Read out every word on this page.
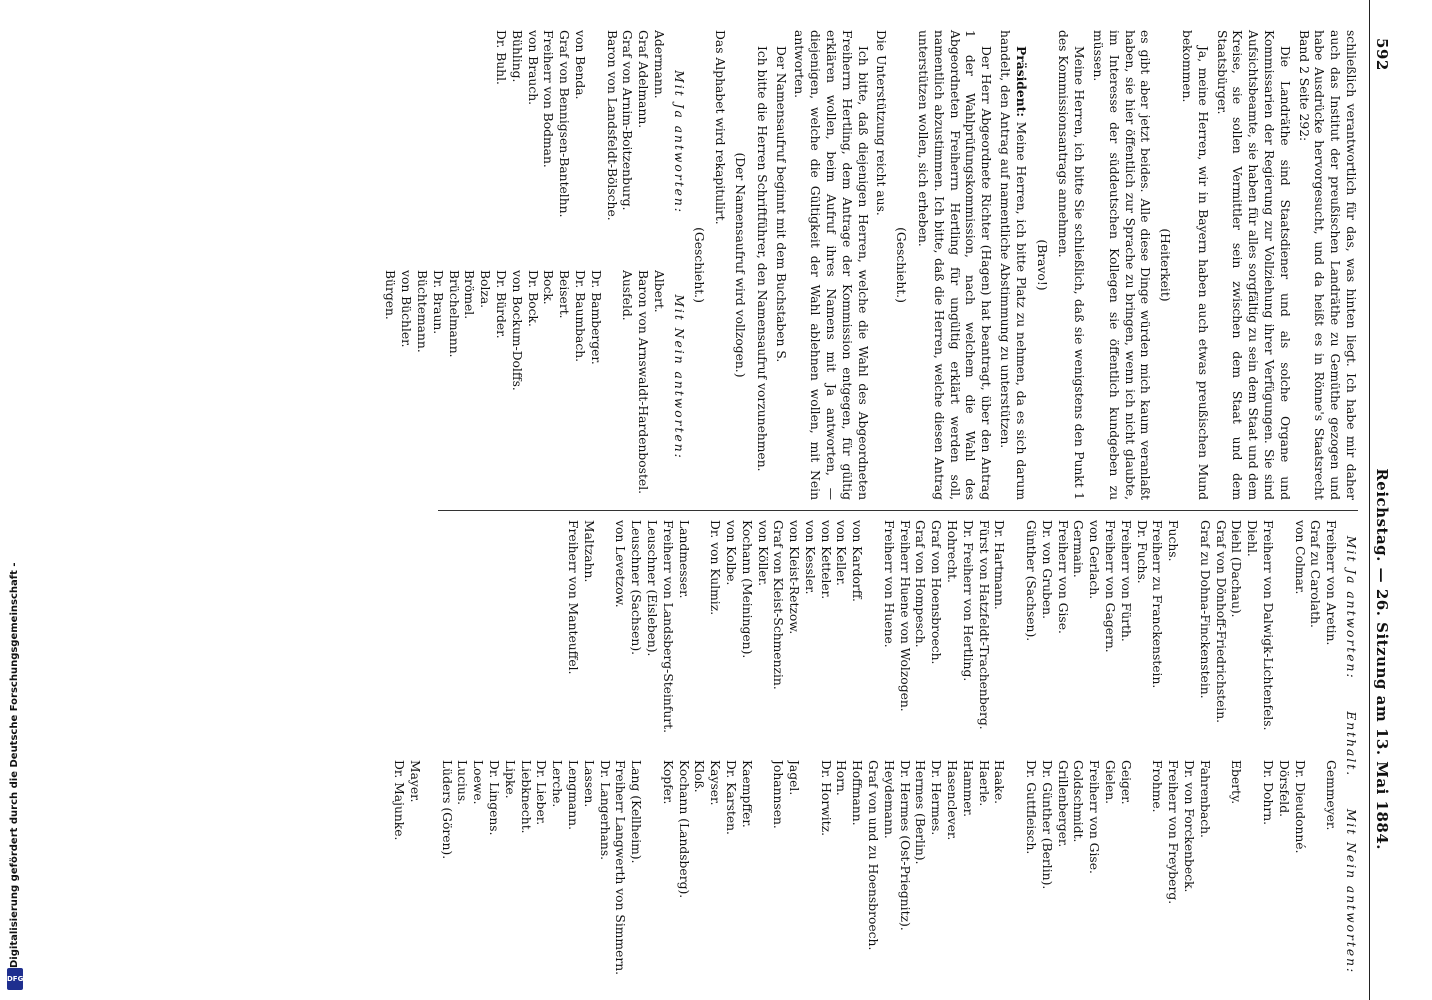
Digitalisierung gefördert durch die Deutsche Forschungsgemeinschaft -
DFG
592
Reichstag. — 26. Sitzung am 13. Mai 1884.

schließlich verantwortlich für das, was hinten liegt. Ich habe mir daher auch das Institut der preußischen Landräthe zu Gemüthe gezogen und habe Ausdrücke hervorgesucht, und da heißt es in Rönne's Staatsrecht Band 2 Seite 292:

Die Landräthe sind Staatsdiener und als solche Organe und Kommissarien der Regierung zur Vollziehung ihrer Verfügungen. Sie sind Aufsichtsbeamte, sie haben für alles sorgfältig zu sein dem Staat und dem Kreise, sie sollen Vermittler sein zwischen dem Staat und dem Staatsbürger.

Ja, meine Herren, wir in Bayern haben auch etwas preußischen Mund bekommen.

(Heiterkeit)

es gibt aber jetzt beides. Alle diese Dinge würden mich kaum veranlaßt haben, sie hier öffentlich zur Sprache zu bringen, wenn ich nicht glaubte, im Interesse der süddeutschen Kollegen sie öffentlich kundgeben zu müssen.

Meine Herren, ich bitte Sie schließlich, daß sie wenigstens den Punkt 1 des Kommissionsantrags annehmen.

(Bravo!)

Präsident: Meine Herren, ich bitte Platz zu nehmen, da es sich darum handelt, den Antrag auf namentliche Abstimmung zu unterstützen.

Der Herr Abgeordnete Richter (Hagen) hat beantragt, über den Antrag 1 der Wahlprüfungskommission, nach welchem die Wahl des Abgeordneten Freiherrn Hertling für ungültig erklärt werden soll, namentlich abzustimmen. Ich bitte, daß die Herren, welche diesen Antrag unterstützen wollen, sich erheben.

(Geschieht.)

Die Unterstützung reicht aus.

Ich bitte, daß diejenigen Herren, welche die Wahl des Abgeordneten Freiherrn Hertling, dem Antrage der Kommission entgegen, für gültig erklären wollen, beim Aufruf ihres Namens mit Ja antworten, — diejenigen, welche die Gültigkeit der Wahl ablehnen wollen, mit Nein antworten.

Der Namensaufruf beginnt mit dem Buchstaben S.

Ich bitte die Herren Schriftführer, den Namensaufruf vorzunehmen.

(Der Namensaufruf wird vollzogen.)

Das Alphabet wird rekapitulirt.

(Geschieht.)
Mit Ja antworten:
Mit Nein antworten:
Adermann.
Graf Adelmann.
Graf von Arnim-Boitzenburg.
Baron von Landsfeldt-Bölsche.
von Benda.
Graf von Bennigsen-Bantelhn.
Freiherr von Bodman.
von Brauch.
Bühling.
Dr. Buhl.
Albert.
Baron von Arnswaldt-Hardenbostel.
Ausfeld.
Dr. Bamberger.
Dr. Baumbach.
Beisert.
Bock.
Dr. Bock.
von Bockum-Dolffs.
Dr. Bürder.
Bolza.
Brömel.
Brüchelmann.
Dr. Braun.
Büchtemann.
von Büchler.
Bürgen.
Mit Ja antworten:
Enthalt.
Mit Nein antworten:
Freiherr von Aretin.
Graf zu Carolath.
von Colmar.
Freiherr von Dalwigk-Lichtenfels.
Diehl.
Diehl (Dachau).
Graf von Dönhoff-Friedrichstein.
Graf zu Dohna-Finckenstein.
Fuchs.
Freiherr zu Franckenstein.
Dr. Fuchs.
Freiherr von Fürth.
Freiherr von Gagern.
von Gerlach.
Germain.
Freiherr von Gise.
Dr. von Gruben.
Günther (Sachsen).
Dr. Hartmann.
Fürst von Hatzfeldt-Trachenberg.
Dr. Freiherr von Hertling.
Hohrecht.
Graf von Hoensbroech.
Graf von Hompesch.
Freiherr Huene von Wolzogen.
Freiherr von Huene.
von Kardorff.
von Keller.
von Ketteler.
von Kessler.
von Kleist-Retzow.
Graf von Kleist-Schmenzin.
von Köller.
Kochann (Meiningen).
von Kolbe.
Dr. von Kulmiz.
Landmesser.
Freiherr von Landsberg-Steinfurt.
Leuschner (Eisleben).
Leuschner (Sachsen).
von Levetzow.
Maltzahn.
Freiherr von Manteuffel.
Gemmeyer.
Dr. Dieudonné.
Dörsfeld.
Dr. Dohrn.
Eberty.
Fahrenbach.
Dr. von Forckenbeck.
Freiherr von Freyberg.
Frohme.
Geiger.
Gielen.
Freiherr von Gise.
Goldschmidt.
Grillenberger.
Dr. Günther (Berlin).
Dr. Guttfleisch.
Haake.
Haerle.
Hammer.
Hasenclever.
Dr. Hermes.
Hermes (Berlin).
Dr. Hermes (Ost-Priegnitz).
Heydemann.
Graf von und zu Hoensbroech.
Hoffmann.
Horn.
Dr. Horwitz.
Jagel.
Johannsen.
Kaempffer.
Dr. Karsten.
Kayser.
Kloß.
Kochann (Landsberg).
Kopfer.
Lang (Kellheim).
Freiherr Langwerth von Simmern.
Dr. Langerhans.
Lassen.
Lengmann.
Lerche.
Dr. Lieber.
Liebknecht.
Lipke.
Dr. Lingens.
Loewe.
Lucius.
Lüders (Gören).
Mayer.
Dr. Majunke.
